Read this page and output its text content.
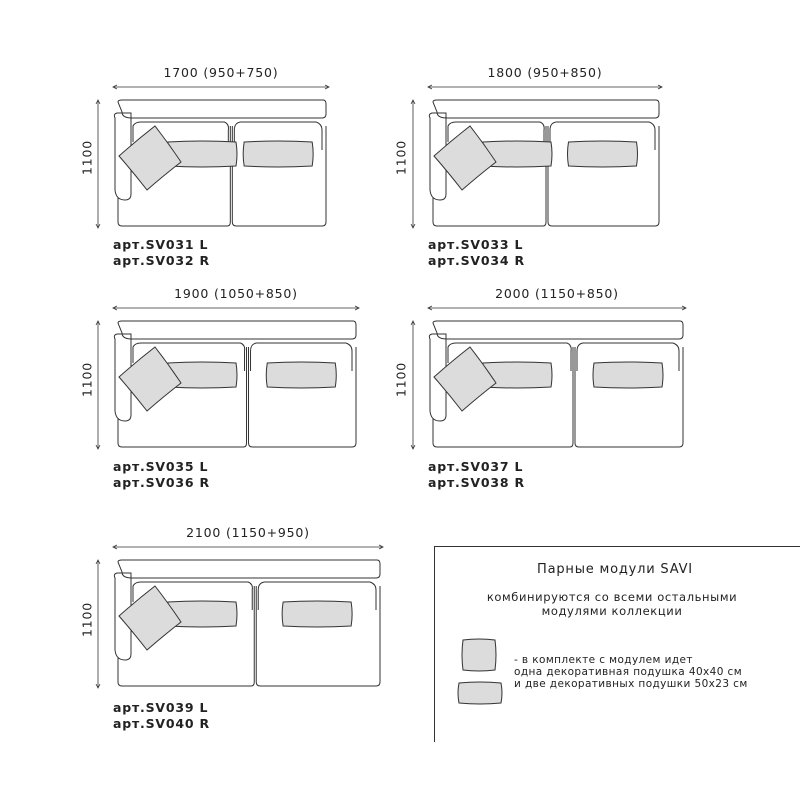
1700 (950+750)
1100
арт.SV031 L
арт.SV032 R
1800 (950+850)
1100
арт.SV033 L
арт.SV034 R
1900 (1050+850)
1100
арт.SV035 L
арт.SV036 R
2000 (1150+850)
1100
арт.SV037 L
арт.SV038 R
2100 (1150+950)
1100
арт.SV039 L
арт.SV040 R
Парные модули SAVI
комбинируются со всеми остальными
модулями коллекции
- в комплекте с модулем идет
одна декоративная подушка 40х40 см
и две декоративных подушки 50х23 см
